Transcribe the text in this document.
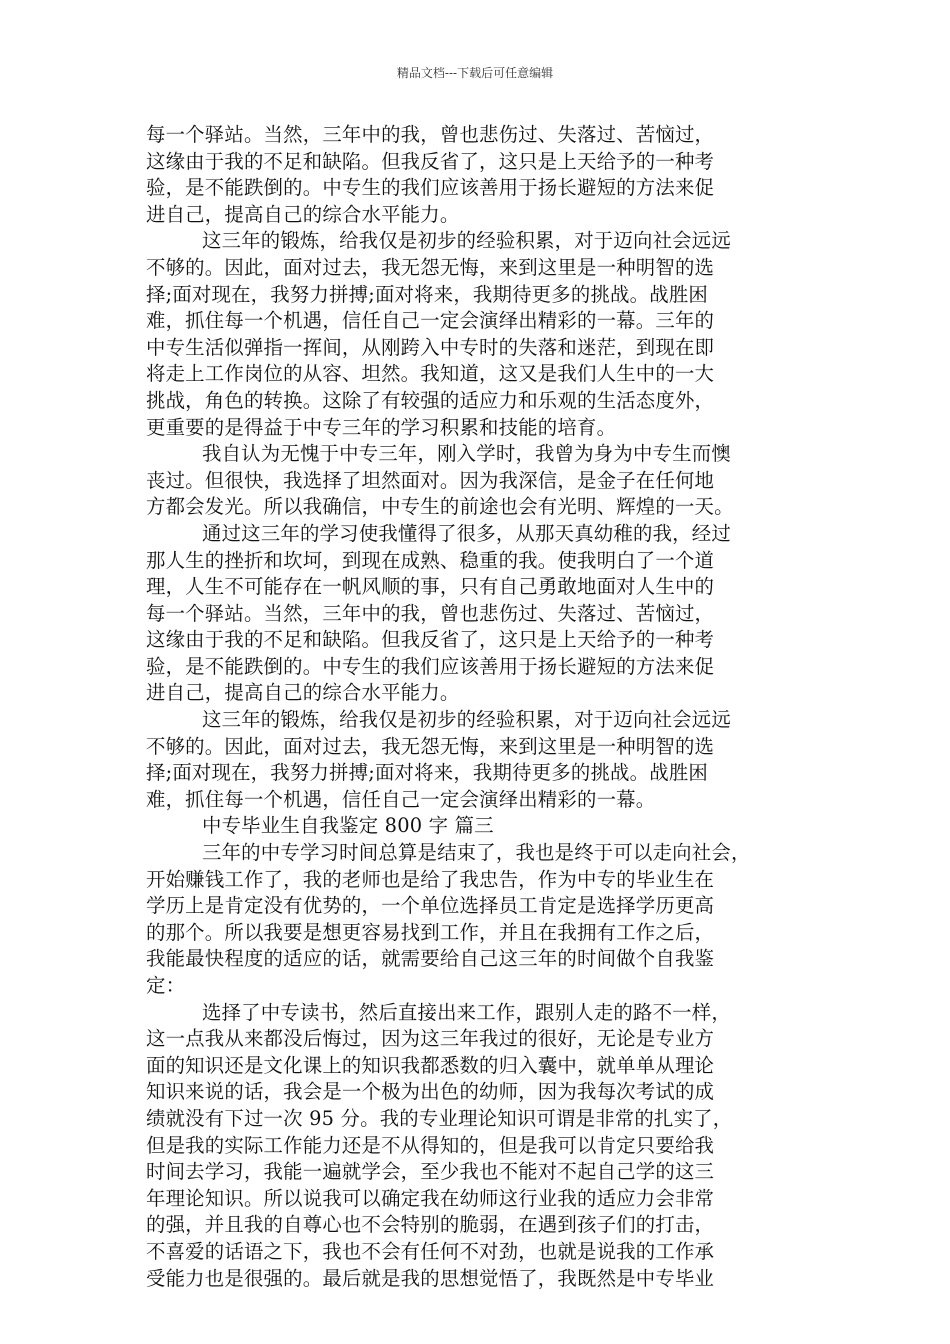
精品文档---下载后可任意编辑
每一个驿站。当然，三年中的我，曾也悲伤过、失落过、苦恼过，
这缘由于我的不足和缺陷。但我反省了，这只是上天给予的一种考
验，是不能跌倒的。中专生的我们应该善用于扬长避短的方法来促
进自己，提高自己的综合水平能力。
这三年的锻炼，给我仅是初步的经验积累，对于迈向社会远远
不够的。因此，面对过去，我无怨无悔，来到这里是一种明智的选
择;面对现在，我努力拼搏;面对将来，我期待更多的挑战。战胜困
难，抓住每一个机遇，信任自己一定会演绎出精彩的一幕。三年的
中专生活似弹指一挥间，从刚跨入中专时的失落和迷茫，到现在即
将走上工作岗位的从容、坦然。我知道，这又是我们人生中的一大
挑战，角色的转换。这除了有较强的适应力和乐观的生活态度外，
更重要的是得益于中专三年的学习积累和技能的培育。
我自认为无愧于中专三年，刚入学时，我曾为身为中专生而懊
丧过。但很快，我选择了坦然面对。因为我深信，是金子在任何地
方都会发光。所以我确信，中专生的前途也会有光明、辉煌的一天。
通过这三年的学习使我懂得了很多，从那天真幼稚的我，经过
那人生的挫折和坎坷，到现在成熟、稳重的我。使我明白了一个道
理，人生不可能存在一帆风顺的事，只有自己勇敢地面对人生中的
每一个驿站。当然，三年中的我，曾也悲伤过、失落过、苦恼过，
这缘由于我的不足和缺陷。但我反省了，这只是上天给予的一种考
验，是不能跌倒的。中专生的我们应该善用于扬长避短的方法来促
进自己，提高自己的综合水平能力。
这三年的锻炼，给我仅是初步的经验积累，对于迈向社会远远
不够的。因此，面对过去，我无怨无悔，来到这里是一种明智的选
择;面对现在，我努力拼搏;面对将来，我期待更多的挑战。战胜困
难，抓住每一个机遇，信任自己一定会演绎出精彩的一幕。
中专毕业生自我鉴定 800 字 篇三
三年的中专学习时间总算是结束了，我也是终于可以走向社会，
开始赚钱工作了，我的老师也是给了我忠告，作为中专的毕业生在
学历上是肯定没有优势的，一个单位选择员工肯定是选择学历更高
的那个。所以我要是想更容易找到工作，并且在我拥有工作之后，
我能最快程度的适应的话，就需要给自己这三年的时间做个自我鉴
定：
选择了中专读书，然后直接出来工作，跟别人走的路不一样，
这一点我从来都没后悔过，因为这三年我过的很好，无论是专业方
面的知识还是文化课上的知识我都悉数的归入囊中，就单单从理论
知识来说的话，我会是一个极为出色的幼师，因为我每次考试的成
绩就没有下过一次 95 分。我的专业理论知识可谓是非常的扎实了，
但是我的实际工作能力还是不从得知的，但是我可以肯定只要给我
时间去学习，我能一遍就学会，至少我也不能对不起自己学的这三
年理论知识。所以说我可以确定我在幼师这行业我的适应力会非常
的强，并且我的自尊心也不会特别的脆弱，在遇到孩子们的打击，
不喜爱的话语之下，我也不会有任何不对劲，也就是说我的工作承
受能力也是很强的。最后就是我的思想觉悟了，我既然是中专毕业
